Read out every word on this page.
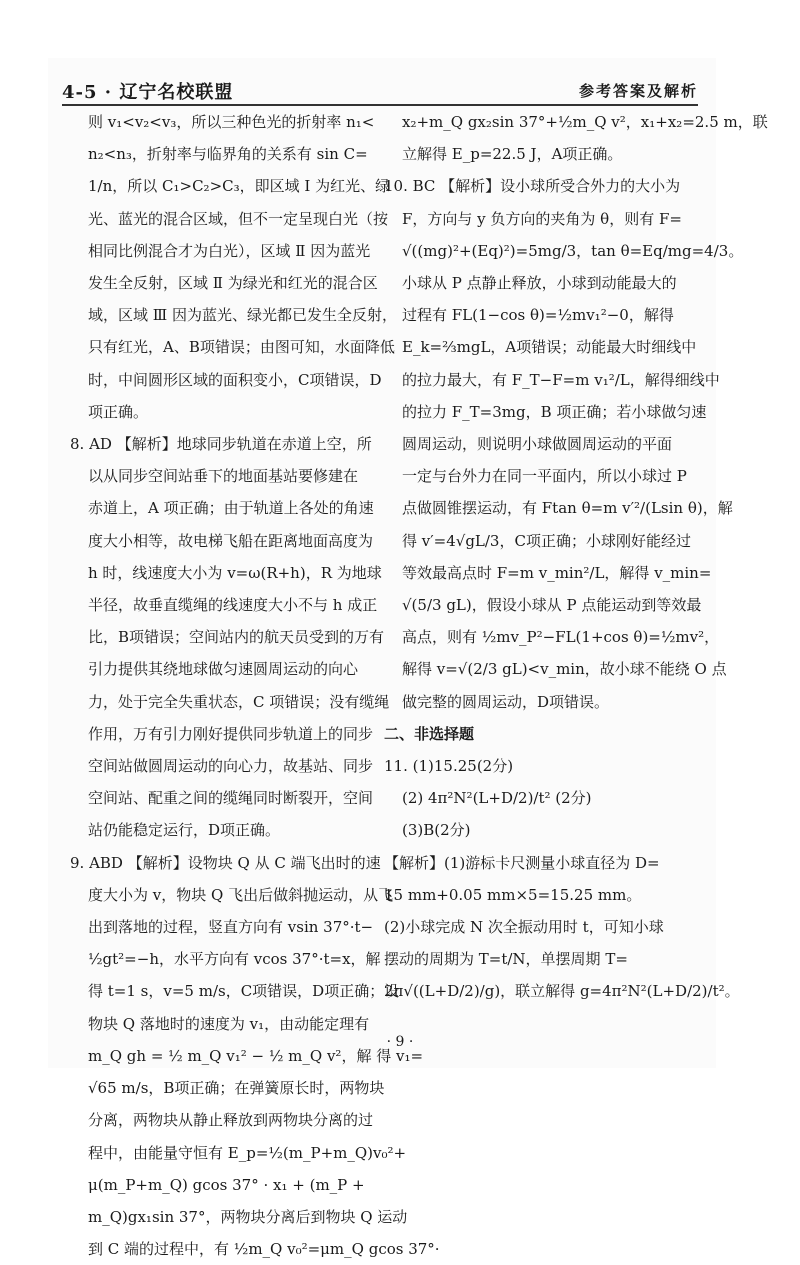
4-5 · 辽宁名校联盟	参考答案及解析
则 v₁<v₂<v₃，所以三种色光的折射率 n₁<
n₂<n₃，折射率与临界角的关系有 sin C=
1/n，所以 C₁>C₂>C₃，即区域 Ⅰ 为红光、绿
光、蓝光的混合区域，但不一定呈现白光（按
相同比例混合才为白光），区域 Ⅱ 因为蓝光
发生全反射，区域 Ⅱ 为绿光和红光的混合区
域，区域 Ⅲ 因为蓝光、绿光都已发生全反射，
只有红光，A、B项错误；由图可知，水面降低
时，中间圆形区域的面积变小，C项错误，D
项正确。
8. AD 【解析】地球同步轨道在赤道上空，所
以从同步空间站垂下的地面基站要修建在
赤道上，A 项正确；由于轨道上各处的角速
度大小相等，故电梯飞船在距离地面高度为
h 时，线速度大小为 v=ω(R+h)，R 为地球
半径，故垂直缆绳的线速度大小不与 h 成正
比，B项错误；空间站内的航天员受到的万有
引力提供其绕地球做匀速圆周运动的向心
力，处于完全失重状态，C 项错误；没有缆绳
作用，万有引力刚好提供同步轨道上的同步
空间站做圆周运动的向心力，故基站、同步
空间站、配重之间的缆绳同时断裂开，空间
站仍能稳定运行，D项正确。
9. ABD 【解析】设物块 Q 从 C 端飞出时的速
度大小为 v，物块 Q 飞出后做斜抛运动，从飞
出到落地的过程，竖直方向有 vsin 37°·t−
½gt²=−h，水平方向有 vcos 37°·t=x，解
得 t=1 s，v=5 m/s，C项错误，D项正确；设
物块 Q 落地时的速度为 v₁，由动能定理有
m_Q gh = ½ m_Q v₁² − ½ m_Q v²，解 得 v₁=
√65 m/s，B项正确；在弹簧原长时，两物块
分离，两物块从静止释放到两物块分离的过
程中，由能量守恒有 E_p=½(m_P+m_Q)v₀²+
μ(m_P+m_Q) gcos 37° · x₁ + (m_P +
m_Q)gx₁sin 37°，两物块分离后到物块 Q 运动
到 C 端的过程中，有 ½m_Q v₀²=μm_Q gcos 37°·
x₂+m_Q gx₂sin 37°+½m_Q v²，x₁+x₂=2.5 m，联
立解得 E_p=22.5 J，A项正确。
10. BC 【解析】设小球所受合外力的大小为
F，方向与 y 负方向的夹角为 θ，则有 F=
√((mg)²+(Eq)²)=5mg/3，tan θ=Eq/mg=4/3。
小球从 P 点静止释放，小球到动能最大的
过程有 FL(1−cos θ)=½mv₁²−0，解得
E_k=⅔mgL，A项错误；动能最大时细线中
的拉力最大，有 F_T−F=m v₁²/L，解得细线中
的拉力 F_T=3mg，B 项正确；若小球做匀速
圆周运动，则说明小球做圆周运动的平面
一定与台外力在同一平面内，所以小球过 P
点做圆锥摆运动，有 Ftan θ=m v′²/(Lsin θ)，解
得 v′=4√gL/3，C项正确；小球刚好能经过
等效最高点时 F=m v_min²/L，解得 v_min=
√(5/3 gL)，假设小球从 P 点能运动到等效最
高点，则有 ½mv_P²−FL(1+cos θ)=½mv²，
解得 v=√(2/3 gL)<v_min，故小球不能绕 O 点
做完整的圆周运动，D项错误。
二、非选择题
11. (1)15.25(2分)
(2) 4π²N²(L+D/2)/t² (2分)
(3)B(2分)
【解析】(1)游标卡尺测量小球直径为 D=
15 mm+0.05 mm×5=15.25 mm。
(2)小球完成 N 次全振动用时 t，可知小球
摆动的周期为 T=t/N，单摆周期 T=
2π√((L+D/2)/g)，联立解得 g=4π²N²(L+D/2)/t²。
· 9 ·
